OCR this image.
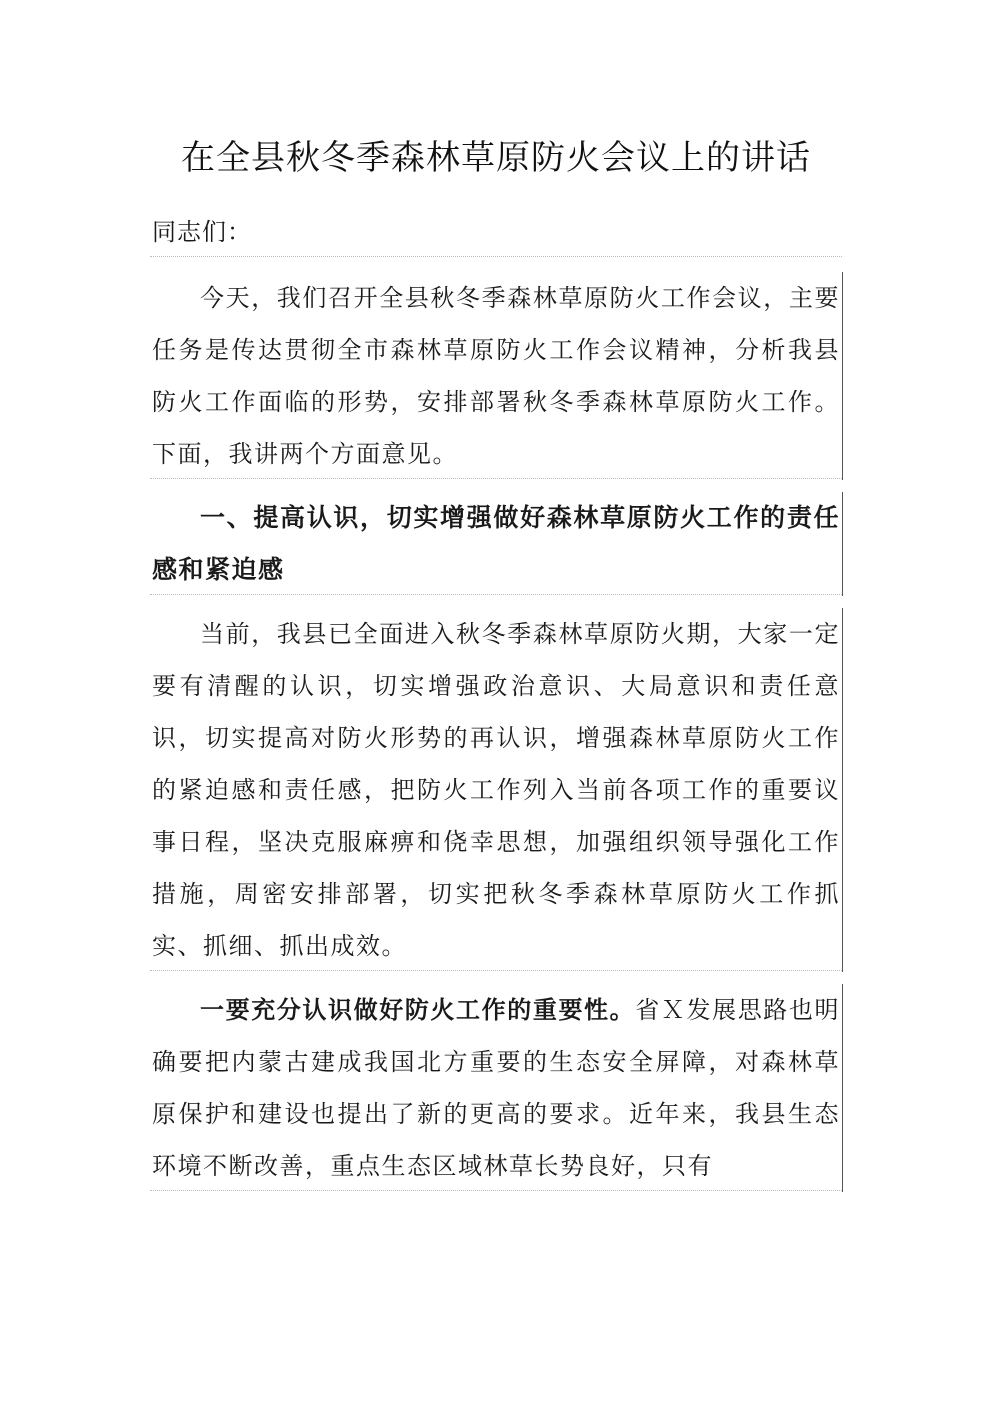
在全县秋冬季森林草原防火会议上的讲话
同志们：
今天，我们召开全县秋冬季森林草原防火工作会议，主要任务是传达贯彻全市森林草原防火工作会议精神，分析我县防火工作面临的形势，安排部署秋冬季森林草原防火工作。下面，我讲两个方面意见。
一、提高认识，切实增强做好森林草原防火工作的责任感和紧迫感
当前，我县已全面进入秋冬季森林草原防火期，大家一定要有清醒的认识，切实增强政治意识、大局意识和责任意识，切实提高对防火形势的再认识，增强森林草原防火工作的紧迫感和责任感，把防火工作列入当前各项工作的重要议事日程，坚决克服麻痹和侥幸思想，加强组织领导强化工作措施，周密安排部署，切实把秋冬季森林草原防火工作抓实、抓细、抓出成效。
一要充分认识做好防火工作的重要性。省Ｘ发展思路也明确要把内蒙古建成我国北方重要的生态安全屏障，对森林草原保护和建设也提出了新的更高的要求。近年来，我县生态环境不断改善，重点生态区域林草长势良好，只有
